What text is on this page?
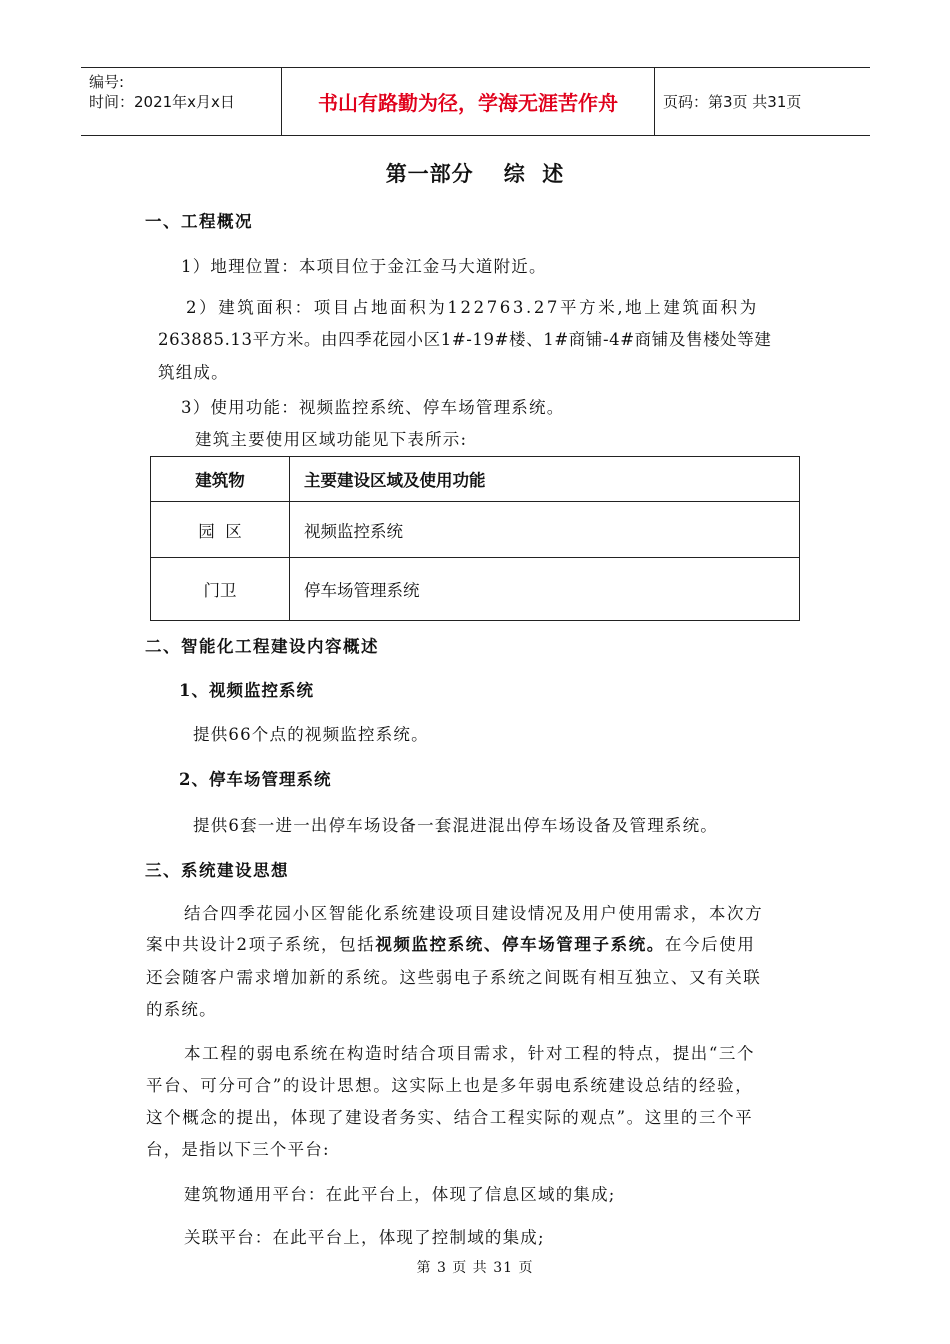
编号:
时间：2021年x月x日	书山有路勤为径，学海无涯苦作舟	页码：第3页 共31页
第一部分 综  述
一、工程概况
1）地理位置：本项目位于金江金马大道附近。
2）建筑面积：项目占地面积为122763.27平方米,地上建筑面积为
263885.13平方米。由四季花园小区1#-19#楼、1#商铺-4#商铺及售楼处等建
筑组成。
3）使用功能：视频监控系统、停车场管理系统。
建筑主要使用区域功能见下表所示:
建筑物	主要建设区域及使用功能
园  区	视频监控系统
门卫	停车场管理系统
二、智能化工程建设内容概述
1、视频监控系统
提供66个点的视频监控系统。
2、停车场管理系统
提供6套一进一出停车场设备一套混进混出停车场设备及管理系统。
三、系统建设思想
结合四季花园小区智能化系统建设项目建设情况及用户使用需求，本次方
案中共设计2项子系统，包括视频监控系统、停车场管理子系统。在今后使用
还会随客户需求增加新的系统。这些弱电子系统之间既有相互独立、又有关联
的系统。
本工程的弱电系统在构造时结合项目需求，针对工程的特点，提出“三个
平台、可分可合”的设计思想。这实际上也是多年弱电系统建设总结的经验，
这个概念的提出，体现了建设者务实、结合工程实际的观点”。这里的三个平
台，是指以下三个平台:
建筑物通用平台：在此平台上，体现了信息区域的集成;
关联平台：在此平台上，体现了控制域的集成;
第 3 页 共 31 页
